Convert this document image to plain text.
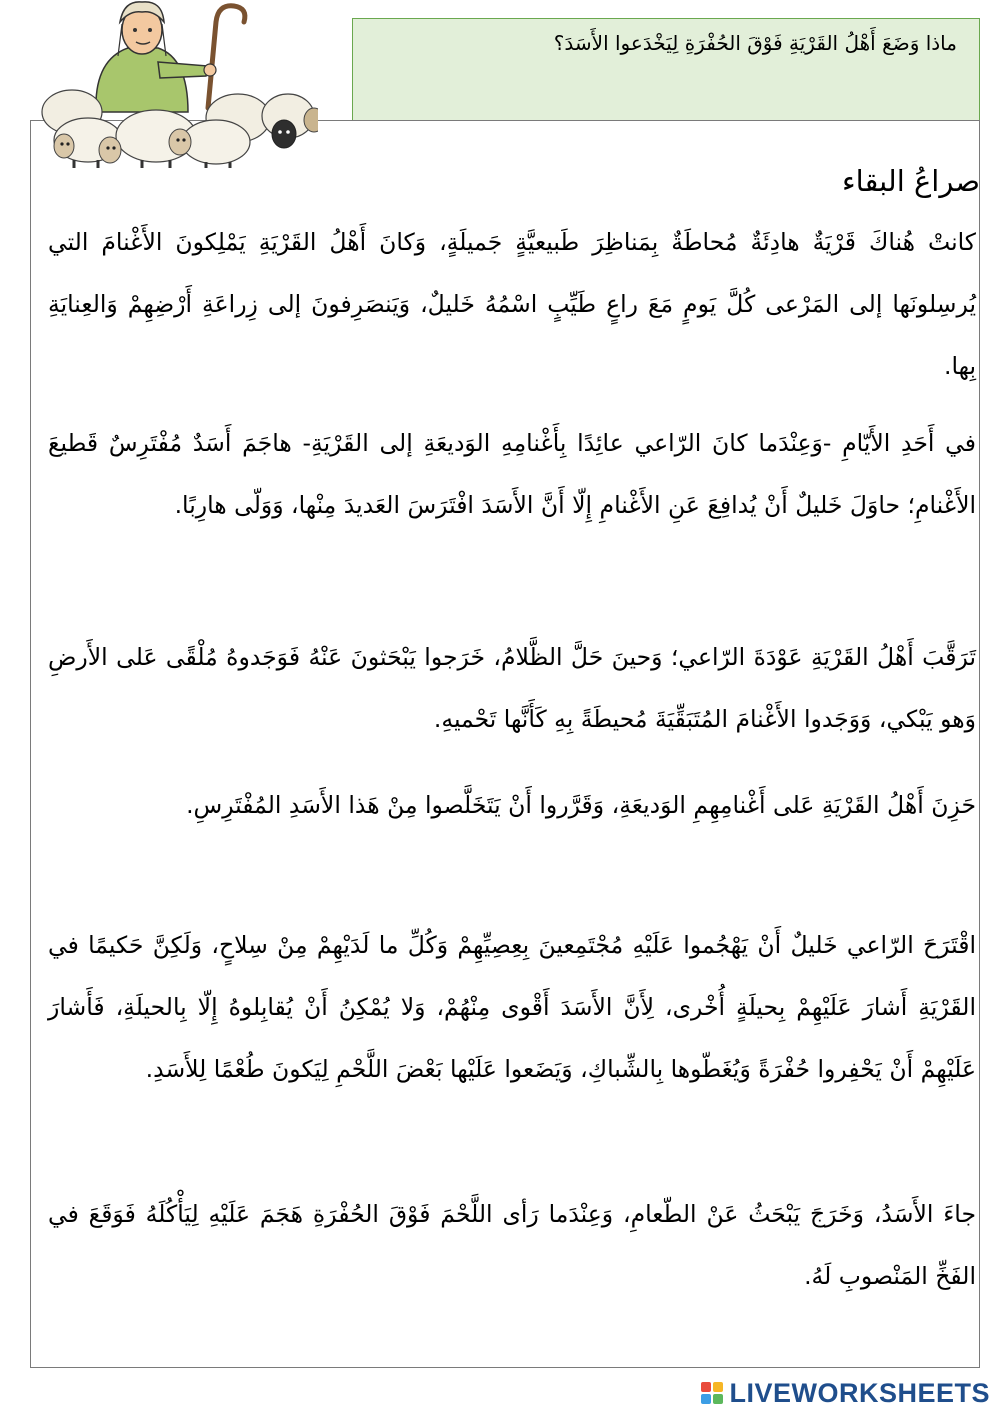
ماذا وَضَعَ أَهْلُ القَرْيَةِ فَوْقَ الحُفْرَةِ لِيَخْدَعوا الأَسَدَ؟
صراعُ البقاء

كانتْ هُناكَ قَرْيَةٌ هادِئَةٌ مُحاطَةٌ بِمَناظِرَ طَبيعيَّةٍ جَميلَةٍ، وَكانَ أَهْلُ القَرْيَةِ يَمْلِكونَ الأَغْنامَ التي يُرسِلونَها إلى المَرْعى كُلَّ يَومٍ مَعَ راعٍ طَيِّبٍ اسْمُهُ خَليلٌ، وَيَنصَرِفونَ إلى زِراعَةِ أَرْضِهِمْ وَالعِنايَةِ بِها.

في أَحَدِ الأَيّامِ -وَعِنْدَما كانَ الرّاعي عائِدًا بِأَغْنامِهِ الوَديعَةِ إلى القَرْيَةِ- هاجَمَ أَسَدٌ مُفْتَرِسٌ قَطيعَ الأَغْنامِ؛ حاوَلَ خَليلٌ أَنْ يُدافِعَ عَنِ الأَغْنامِ إِلّا أَنَّ الأَسَدَ افْتَرَسَ العَديدَ مِنْها، وَوَلّى هارِبًا.

تَرَقَّبَ أَهْلُ القَرْيَةِ عَوْدَةَ الرّاعي؛ وَحينَ حَلَّ الظَّلامُ، خَرَجوا يَبْحَثونَ عَنْهُ فَوَجَدوهُ مُلْقًى عَلى الأَرضِ وَهو يَبْكي، وَوَجَدوا الأَغْنامَ المُتَبَقِّيَةَ مُحيطَةً بِهِ كَأَنَّها تَحْميهِ.

حَزِنَ أَهْلُ القَرْيَةِ عَلى أَغْنامِهِمِ الوَديعَةِ، وَقَرَّروا أَنْ يَتَخَلَّصوا مِنْ هَذا الأَسَدِ المُفْتَرِسِ.

اقْتَرَحَ الرّاعي خَليلٌ أَنْ يَهْجُموا عَلَيْهِ مُجْتَمِعينَ بِعِصِيِّهِمْ وَكُلِّ ما لَدَيْهِمْ مِنْ سِلاحٍ، وَلَكِنَّ حَكيمًا في القَرْيَةِ أَشارَ عَلَيْهِمْ بِحيلَةٍ أُخْرى، لِأَنَّ الأَسَدَ أَقْوى مِنْهُمْ، وَلا يُمْكِنُ أَنْ يُقابِلوهُ إِلّا بِالحيلَةِ، فَأَشارَ عَلَيْهِمْ أَنْ يَحْفِروا حُفْرَةً وَيُغَطّوها بِالشِّباكِ، وَيَضَعوا عَلَيْها بَعْضَ اللَّحْمِ لِيَكونَ طُعْمًا لِلأَسَدِ.

جاءَ الأَسَدُ، وَخَرَجَ يَبْحَثُ عَنْ الطّعامِ، وَعِنْدَما رَأى اللَّحْمَ فَوْقَ الحُفْرَةِ هَجَمَ عَلَيْهِ لِيَأْكُلَهُ فَوَقَعَ في الفَخِّ المَنْصوبِ لَهُ.

LIVEWORKSHEETS
